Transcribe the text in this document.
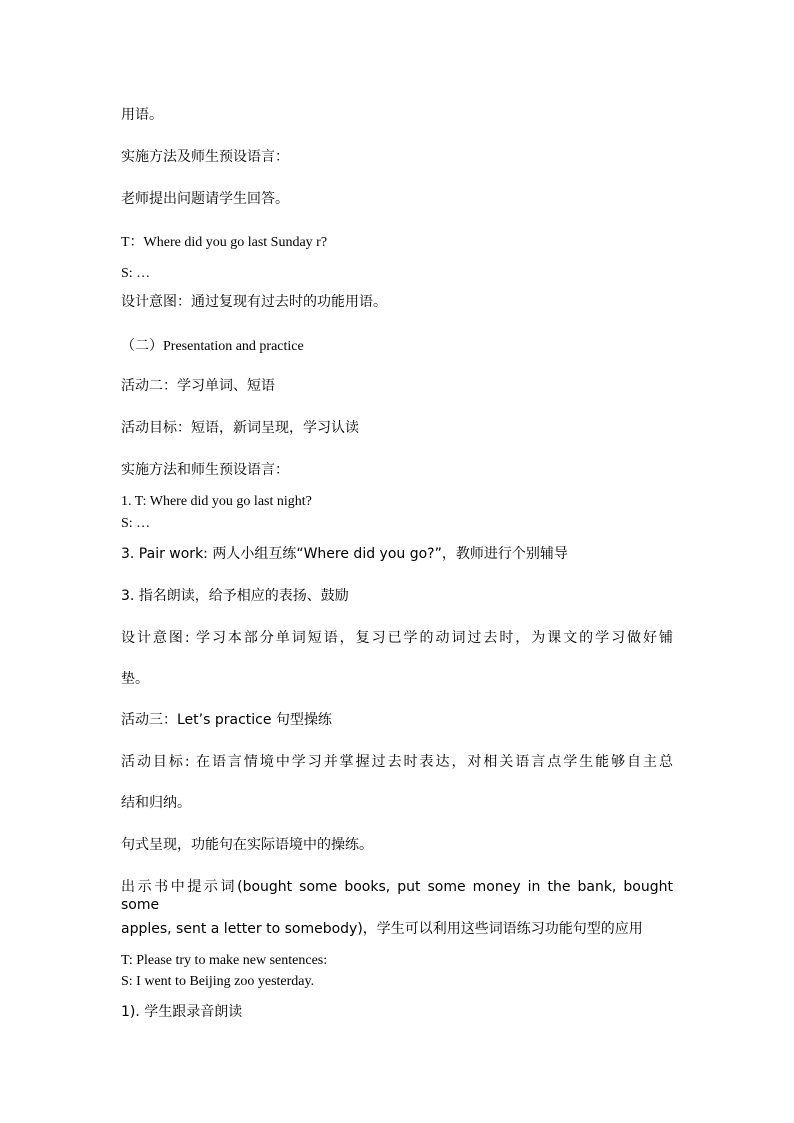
用语。
实施方法及师生预设语言：
老师提出问题请学生回答。
T：Where did you go last Sunday r?
S: …
设计意图：通过复现有过去时的功能用语。
（二）Presentation and practice
活动二：学习单词、短语
活动目标：短语，新词呈现，学习认读
实施方法和师生预设语言：
1. T: Where did you go last night?
S: …
3. Pair work: 两人小组互练“Where did you go?”，教师进行个别辅导
3. 指名朗读，给予相应的表扬、鼓励
设计意图: 学习本部分单词短语，复习已学的动词过去时，为课文的学习做好铺
垫。
活动三：Let’s practice 句型操练
活动目标: 在语言情境中学习并掌握过去时表达，对相关语言点学生能够自主总
结和归纳。
句式呈现，功能句在实际语境中的操练。
出示书中提示词(bought some books, put some money in the bank, bought some
apples, sent a letter to somebody)，学生可以利用这些词语练习功能句型的应用
T: Please try to make new sentences:
S: I went to Beijing zoo yesterday.
1). 学生跟录音朗读
